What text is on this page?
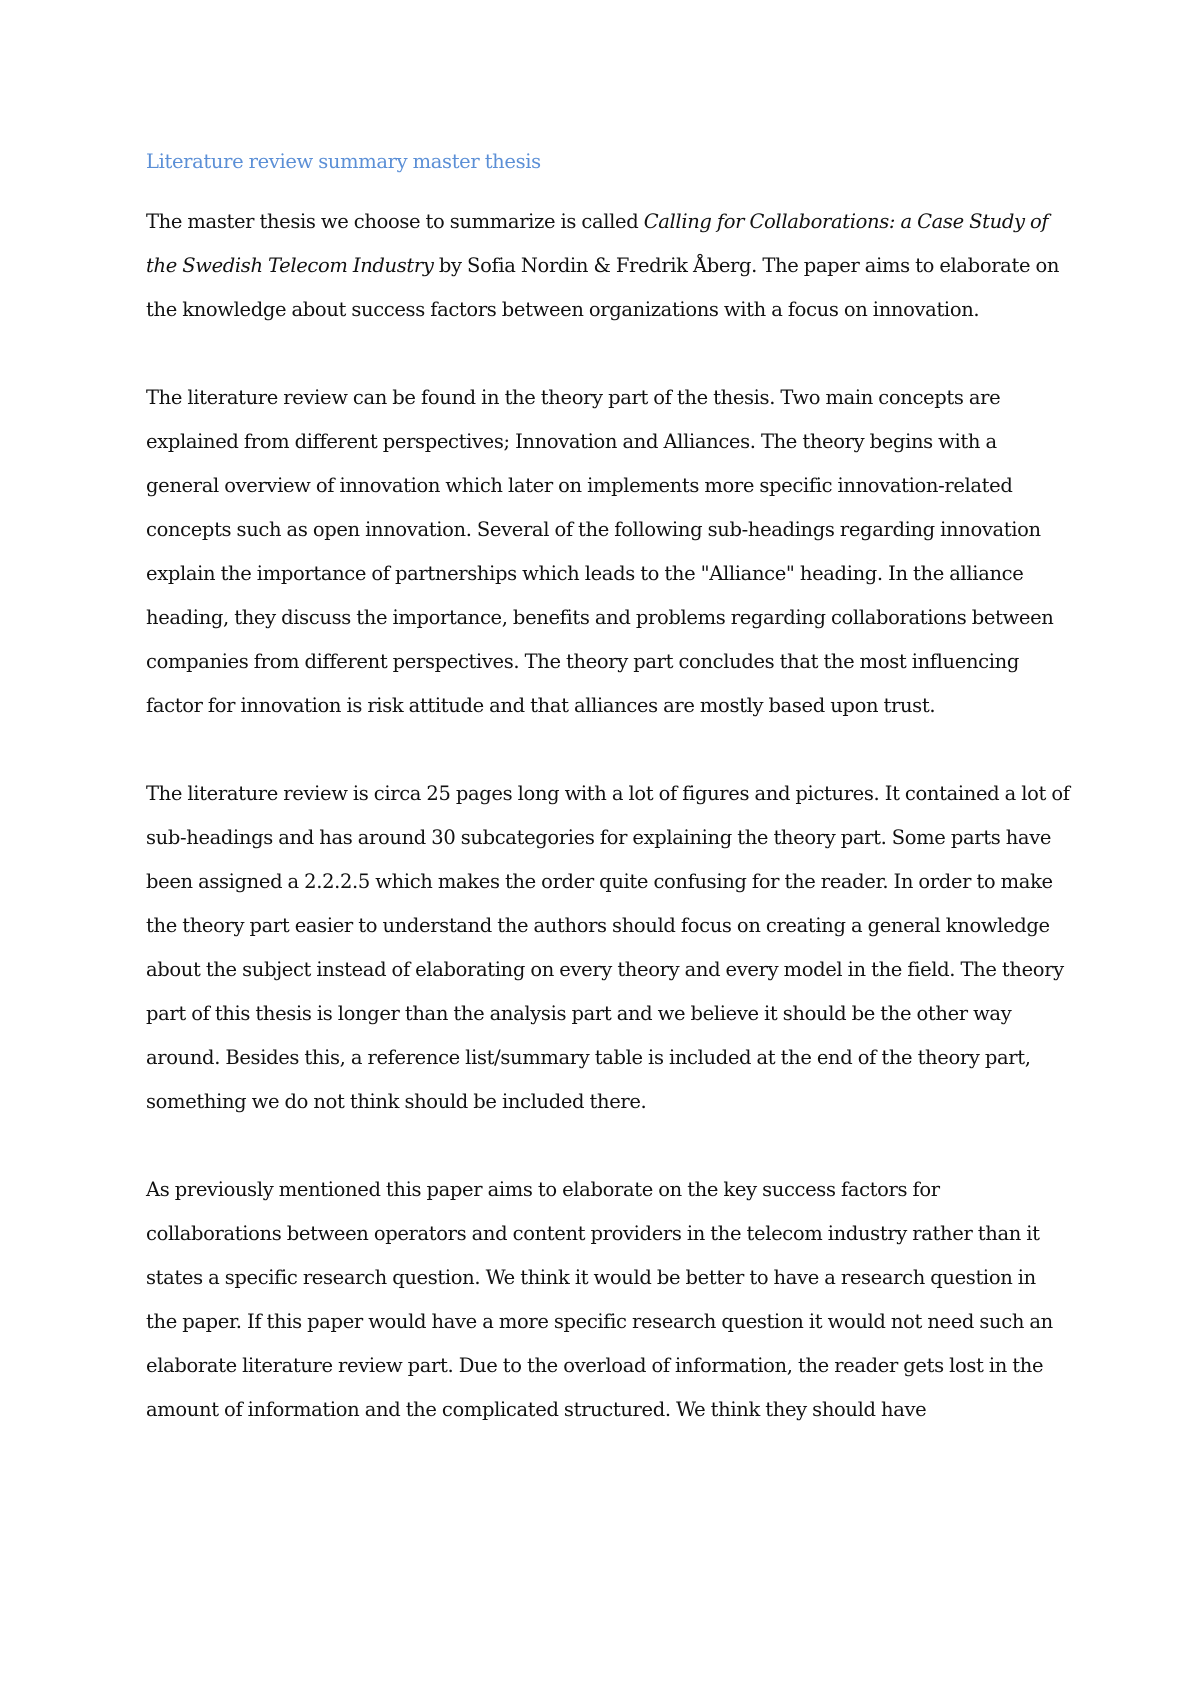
Literature review summary master thesis

The master thesis we choose to summarize is called Calling for Collaborations: a Case Study of the Swedish Telecom Industry by Sofia Nordin & Fredrik Åberg. The paper aims to elaborate on the knowledge about success factors between organizations with a focus on innovation.

The literature review can be found in the theory part of the thesis. Two main concepts are explained from different perspectives; Innovation and Alliances. The theory begins with a general overview of innovation which later on implements more specific innovation-related concepts such as open innovation. Several of the following sub-headings regarding innovation explain the importance of partnerships which leads to the "Alliance" heading. In the alliance heading, they discuss the importance, benefits and problems regarding collaborations between companies from different perspectives. The theory part concludes that the most influencing factor for innovation is risk attitude and that alliances are mostly based upon trust.

The literature review is circa 25 pages long with a lot of figures and pictures. It contained a lot of sub-headings and has around 30 subcategories for explaining the theory part. Some parts have been assigned a 2.2.2.5 which makes the order quite confusing for the reader. In order to make the theory part easier to understand the authors should focus on creating a general knowledge about the subject instead of elaborating on every theory and every model in the field. The theory part of this thesis is longer than the analysis part and we believe it should be the other way around. Besides this, a reference list/summary table is included at the end of the theory part, something we do not think should be included there.

As previously mentioned this paper aims to elaborate on the key success factors for collaborations between operators and content providers in the telecom industry rather than it states a specific research question. We think it would be better to have a research question in the paper. If this paper would have a more specific research question it would not need such an elaborate literature review part. Due to the overload of information, the reader gets lost in the amount of information and the complicated structured. We think they should have
